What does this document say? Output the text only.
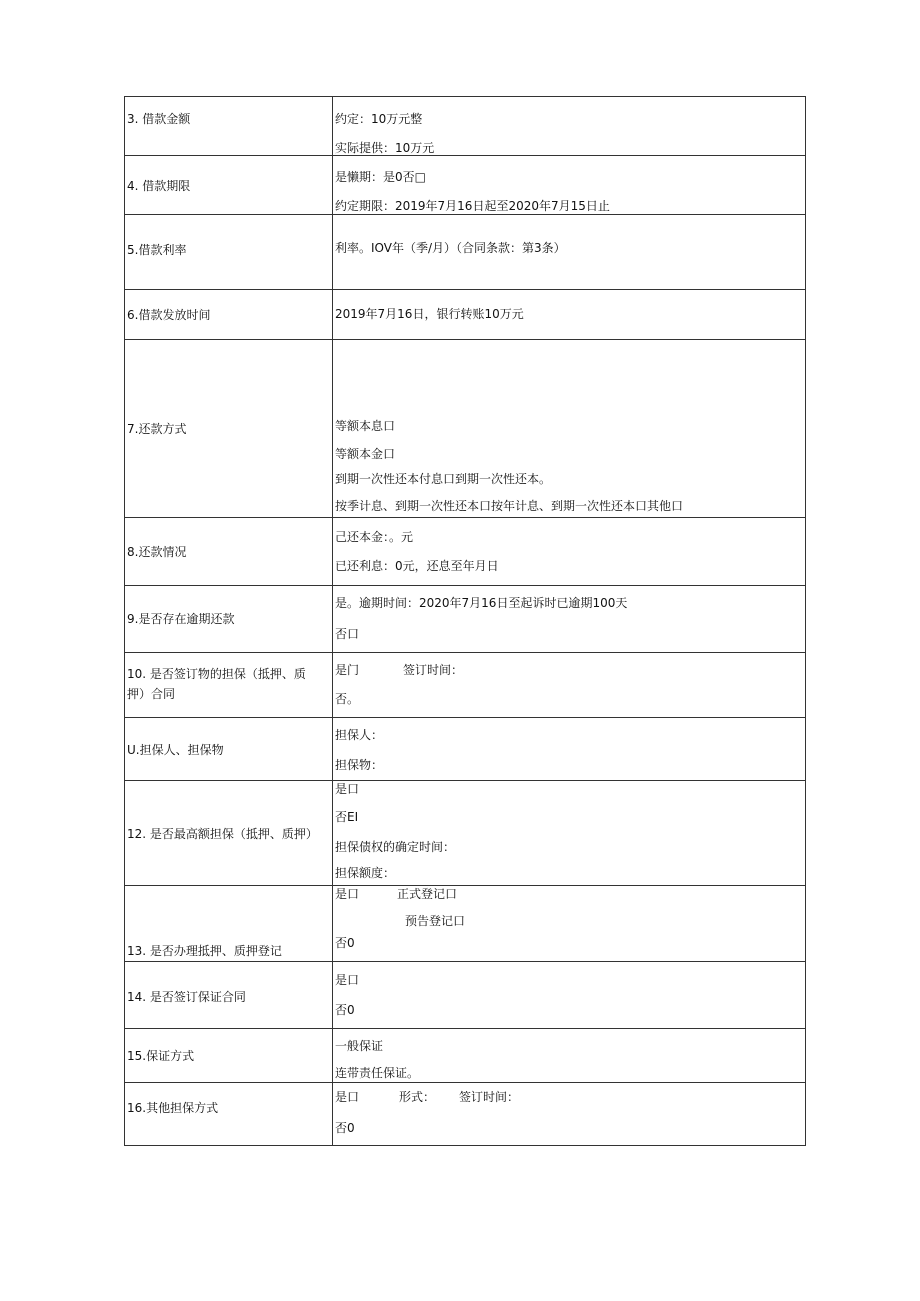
3. 借款金额	约定：10万元整
实际提供：10万元

4. 借款期限	是懒期：是0否□
约定期限：2019年7月16日起至2020年7月15日止

5.借款利率	利率。IOV年（季/月）（合同条款：第3条）

6.借款发放时间	2019年7月16日，银行转账10万元

7.还款方式	等额本息口
等额本金口
到期一次性还本付息口到期一次性还本。
按季计息、到期一次性还本口按年计息、到期一次性还本口其他口

8.还款情况	己还本金：。元
已还利息：0元，还息至年月日

9.是否存在逾期还款	是。逾期时间：2020年7月16日至起诉时已逾期100天
否口

10. 是否签订物的担保（抵押、质
押）合同	是门 签订时间：
否。

U.担保人、担保物	担保人：
担保物：

12. 是否最高额担保（抵押、质押）	是口
否EI
担保债权的确定时间：
担保额度：

13. 是否办理抵押、质押登记	是口 正式登记口
预告登记口
否0

14. 是否签订保证合同	是口
否0

15.保证方式	一般保证
连带责任保证。

16.其他担保方式	是口 形式： 签订时间：
否0
